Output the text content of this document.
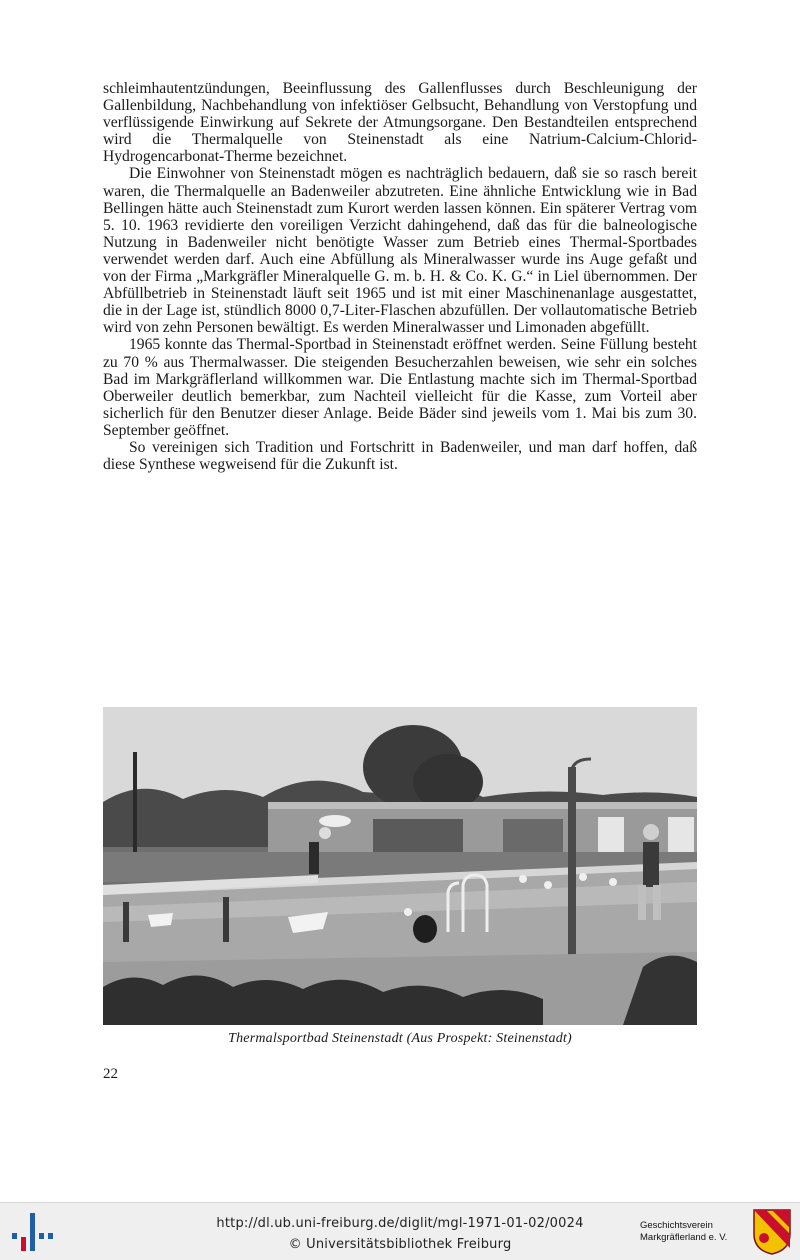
schleimhautentzündungen, Beeinflussung des Gallenflusses durch Beschleunigung der Gallenbildung, Nachbehandlung von infektiöser Gelbsucht, Behandlung von Verstopfung und verflüssigende Einwirkung auf Sekrete der Atmungsorgane. Den Bestandteilen entsprechend wird die Thermalquelle von Steinenstadt als eine Natrium-Calcium-Chlorid-Hydrogencarbonat-Therme bezeichnet.

Die Einwohner von Steinenstadt mögen es nachträglich bedauern, daß sie so rasch bereit waren, die Thermalquelle an Badenweiler abzutreten. Eine ähnliche Entwicklung wie in Bad Bellingen hätte auch Steinenstadt zum Kurort werden lassen können. Ein späterer Vertrag vom 5. 10. 1963 revidierte den voreiligen Verzicht dahingehend, daß das für die balneologische Nutzung in Badenweiler nicht benötigte Wasser zum Betrieb eines Thermal-Sportbades verwendet werden darf. Auch eine Abfüllung als Mineralwasser wurde ins Auge gefaßt und von der Firma „Markgräfler Mineralquelle G. m. b. H. & Co. K. G.“ in Liel übernommen. Der Abfüllbetrieb in Steinenstadt läuft seit 1965 und ist mit einer Maschinenanlage ausgestattet, die in der Lage ist, stündlich 8000 0,7-Liter-Flaschen abzufüllen. Der vollautomatische Betrieb wird von zehn Personen bewältigt. Es werden Mineralwasser und Limonaden abgefüllt.

1965 konnte das Thermal-Sportbad in Steinenstadt eröffnet werden. Seine Füllung besteht zu 70 % aus Thermalwasser. Die steigenden Besucherzahlen beweisen, wie sehr ein solches Bad im Markgräflerland willkommen war. Die Entlastung machte sich im Thermal-Sportbad Oberweiler deutlich bemerkbar, zum Nachteil vielleicht für die Kasse, zum Vorteil aber sicherlich für den Benutzer dieser Anlage. Beide Bäder sind jeweils vom 1. Mai bis zum 30. September geöffnet.

So vereinigen sich Tradition und Fortschritt in Badenweiler, und man darf hoffen, daß diese Synthese wegweisend für die Zukunft ist.

Thermalsportbad Steinenstadt (Aus Prospekt: Steinenstadt)
22
http://dl.ub.uni-freiburg.de/diglit/mgl-1971-01-02/0024
© Universitätsbibliothek Freiburg
Geschichtsverein
Markgräflerland e. V.
